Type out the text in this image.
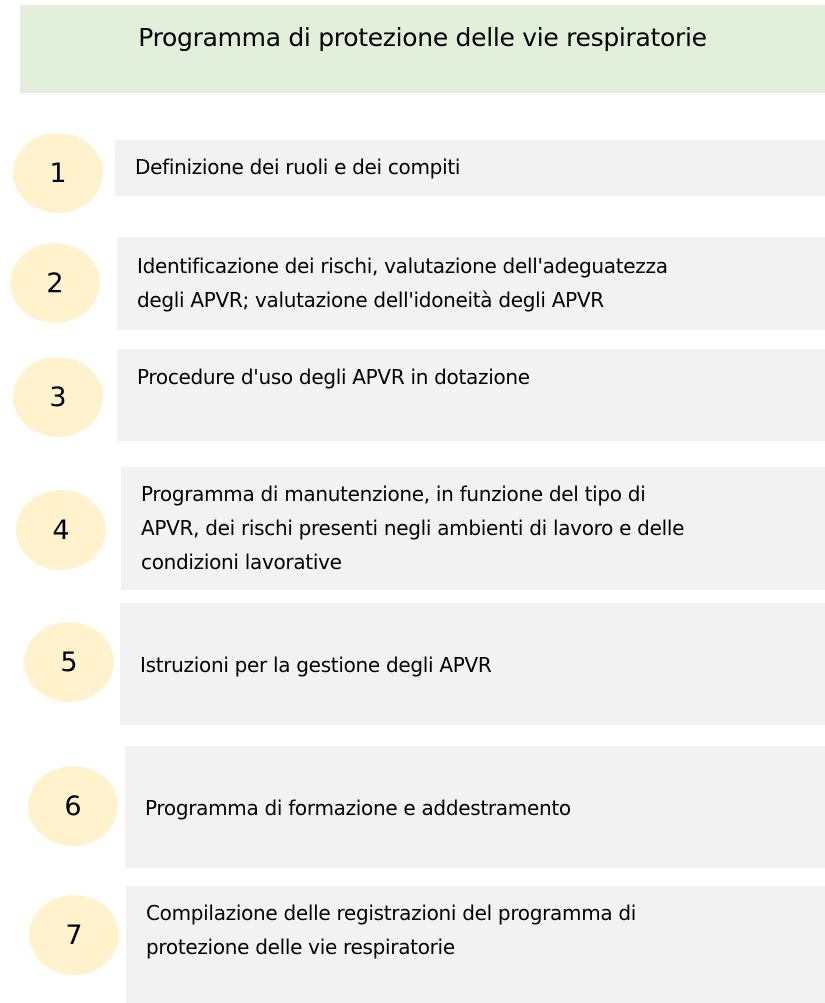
Programma di protezione delle vie respiratorie
Definizione dei ruoli e dei compiti
1
Identificazione dei rischi, valutazione dell'adeguatezza
degli APVR; valutazione dell'idoneità degli APVR
2
Procedure d'uso degli APVR in dotazione
3
Programma di manutenzione, in funzione del tipo di
APVR, dei rischi presenti negli ambienti di lavoro e delle
condizioni lavorative
4
Istruzioni per la gestione degli APVR
5
Programma di formazione e addestramento
6
Compilazione delle registrazioni del programma di
protezione delle vie respiratorie
7
